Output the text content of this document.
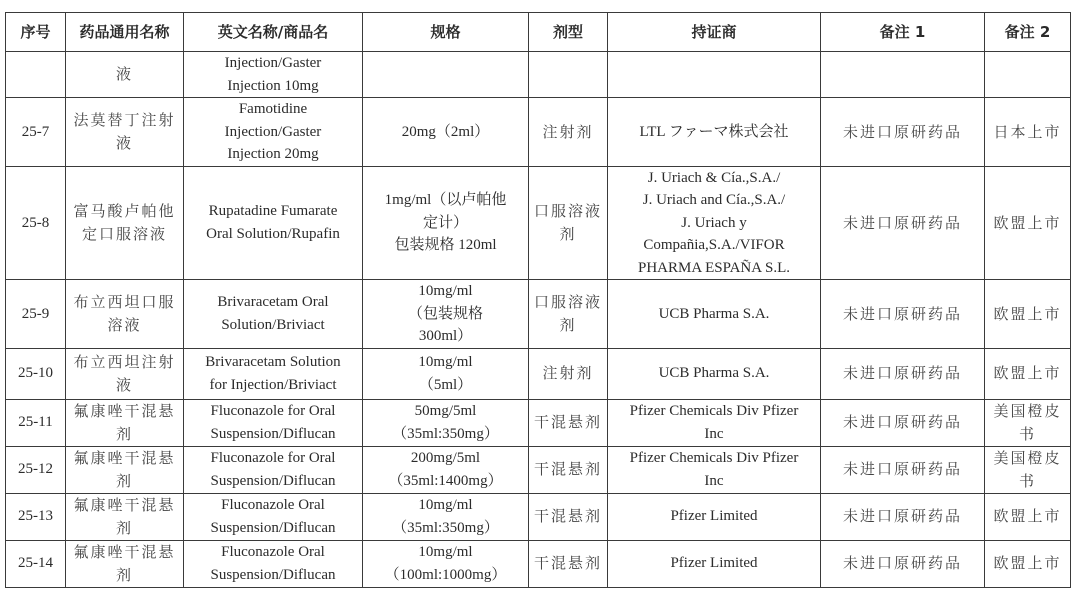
序号	药品通用名称	英文名称/商品名	规格	剂型	持证商	备注 1	备注 2

	液	Injection/Gaster
Injection 10mg					

25-7	法莫替丁注射
液	Famotidine
Injection/Gaster
Injection 20mg	20mg（2ml）	注射剂	LTL ファーマ株式会社	未进口原研药品	日本上市

25-8	富马酸卢帕他
定口服溶液	Rupatadine Fumarate
Oral Solution/Rupafin	1mg/ml（以卢帕他
定计）
包装规格 120ml	口服溶液
剂	J. Uriach & Cía.,S.A./
J. Uriach and Cía.,S.A./
J. Uriach y
Compañia,S.A./VIFOR
PHARMA ESPAÑA S.L.	未进口原研药品	欧盟上市

25-9	布立西坦口服
溶液	Brivaracetam Oral
Solution/Briviact	10mg/ml
（包装规格
300ml）	口服溶液
剂	UCB Pharma S.A.	未进口原研药品	欧盟上市

25-10	布立西坦注射
液	Brivaracetam Solution
for Injection/Briviact	10mg/ml
（5ml）	注射剂	UCB Pharma S.A.	未进口原研药品	欧盟上市

25-11	氟康唑干混悬
剂	Fluconazole for Oral
Suspension/Diflucan	50mg/5ml
（35ml:350mg）	干混悬剂	Pfizer Chemicals Div Pfizer
Inc	未进口原研药品	美国橙皮
书

25-12	氟康唑干混悬
剂	Fluconazole for Oral
Suspension/Diflucan	200mg/5ml
（35ml:1400mg）	干混悬剂	Pfizer Chemicals Div Pfizer
Inc	未进口原研药品	美国橙皮
书

25-13	氟康唑干混悬
剂	Fluconazole Oral
Suspension/Diflucan	10mg/ml
（35ml:350mg）	干混悬剂	Pfizer Limited	未进口原研药品	欧盟上市

25-14	氟康唑干混悬
剂	Fluconazole Oral
Suspension/Diflucan	10mg/ml
（100ml:1000mg）	干混悬剂	Pfizer Limited	未进口原研药品	欧盟上市
